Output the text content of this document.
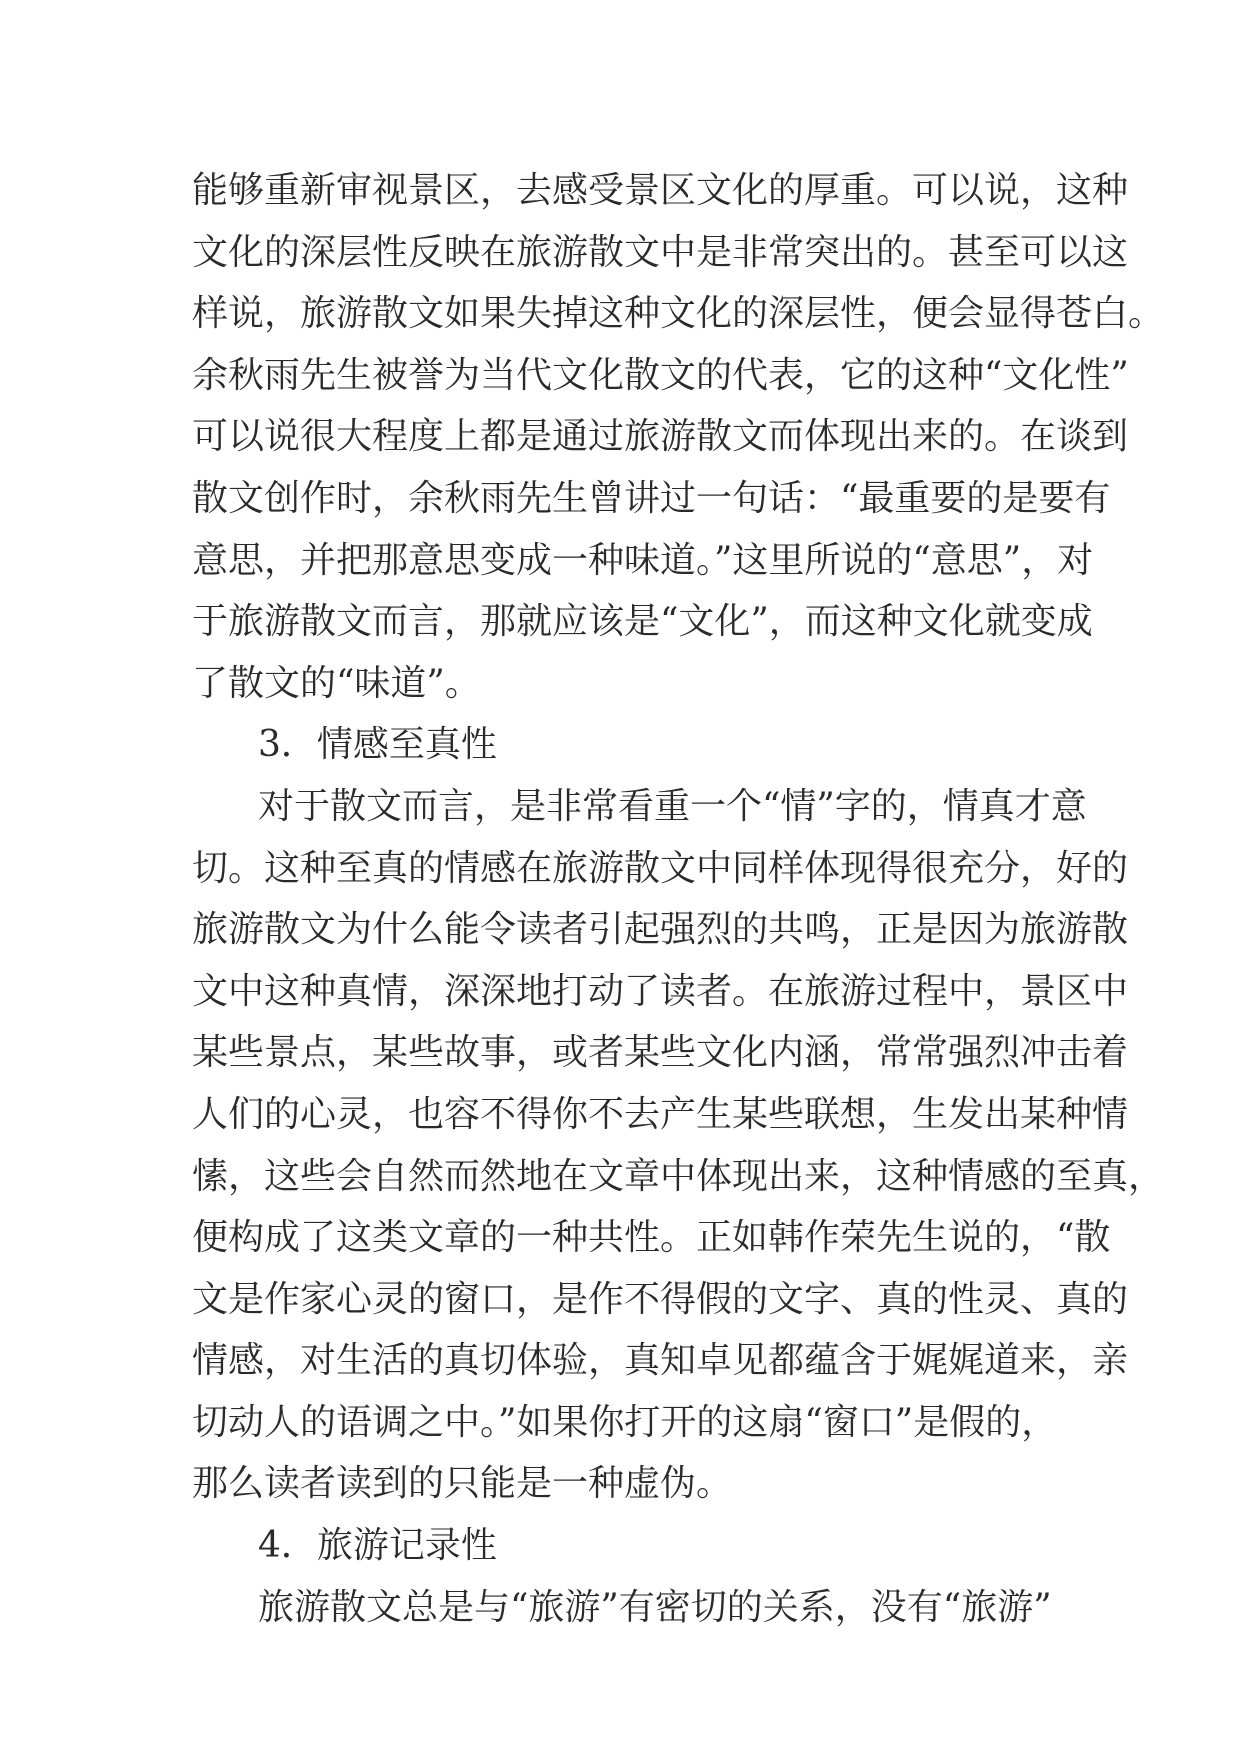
能够重新审视景区，去感受景区文化的厚重。可以说，这种
文化的深层性反映在旅游散文中是非常突出的。甚至可以这
样说，旅游散文如果失掉这种文化的深层性，便会显得苍白。
余秋雨先生被誉为当代文化散文的代表，它的这种“文化性”
可以说很大程度上都是通过旅游散文而体现出来的。在谈到
散文创作时，余秋雨先生曾讲过一句话：“最重要的是要有
意思，并把那意思变成一种味道。”这里所说的“意思”，对
于旅游散文而言，那就应该是“文化”，而这种文化就变成
了散文的“味道”。
3．情感至真性
对于散文而言，是非常看重一个“情”字的，情真才意
切。这种至真的情感在旅游散文中同样体现得很充分，好的
旅游散文为什么能令读者引起强烈的共鸣，正是因为旅游散
文中这种真情，深深地打动了读者。在旅游过程中，景区中
某些景点，某些故事，或者某些文化内涵，常常强烈冲击着
人们的心灵，也容不得你不去产生某些联想，生发出某种情
愫，这些会自然而然地在文章中体现出来，这种情感的至真，
便构成了这类文章的一种共性。正如韩作荣先生说的，“散
文是作家心灵的窗口，是作不得假的文字、真的性灵、真的
情感，对生活的真切体验，真知卓见都蕴含于娓娓道来，亲
切动人的语调之中。”如果你打开的这扇“窗口”是假的，
那么读者读到的只能是一种虚伪。
4．旅游记录性
旅游散文总是与“旅游”有密切的关系，没有“旅游”
